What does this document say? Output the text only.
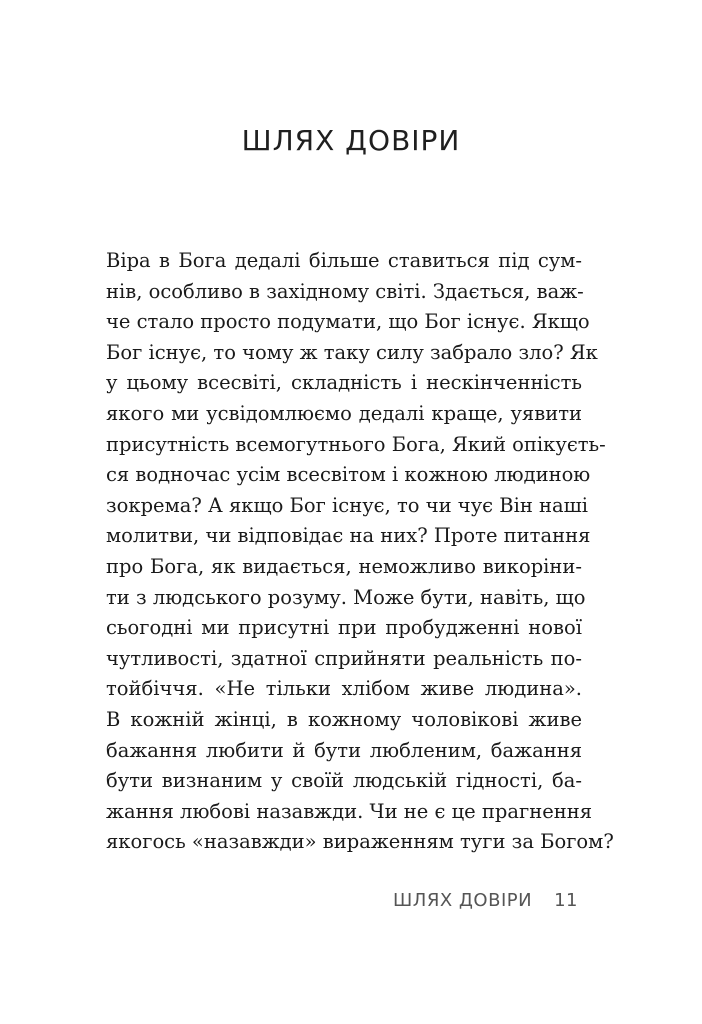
ШЛЯХ ДОВІРИ
Віра в Бога дедалі більше ставиться під сум-
нів, особливо в західному світі. Здається, важ-
че стало просто подумати, що Бог існує. Якщо
Бог існує, то чому ж таку силу забрало зло? Як
у цьому всесвіті, складність і нескінченність
якого ми усвідомлюємо дедалі краще, уявити
присутність всемогутнього Бога, Який опікуєть-
ся водночас усім всесвітом і кожною людиною
зокрема? А якщо Бог існує, то чи чує Він наші
молитви, чи відповідає на них? Проте питання
про Бога, як видається, неможливо викоріни-
ти з людського розуму. Може бути, навіть, що
сьогодні ми присутні при пробудженні нової
чутливості, здатної сприйняти реальність по-
тойбіччя. «Не тільки хлібом живе людина».
В кожній жінці, в кожному чоловікові живе
бажання любити й бути любленим, бажання
бути визнаним у своїй людській гідності, ба-
жання любові назавжди. Чи не є це прагнення
якогось «назавжди» вираженням туги за Богом?
ШЛЯХ ДОВІРИ 11
